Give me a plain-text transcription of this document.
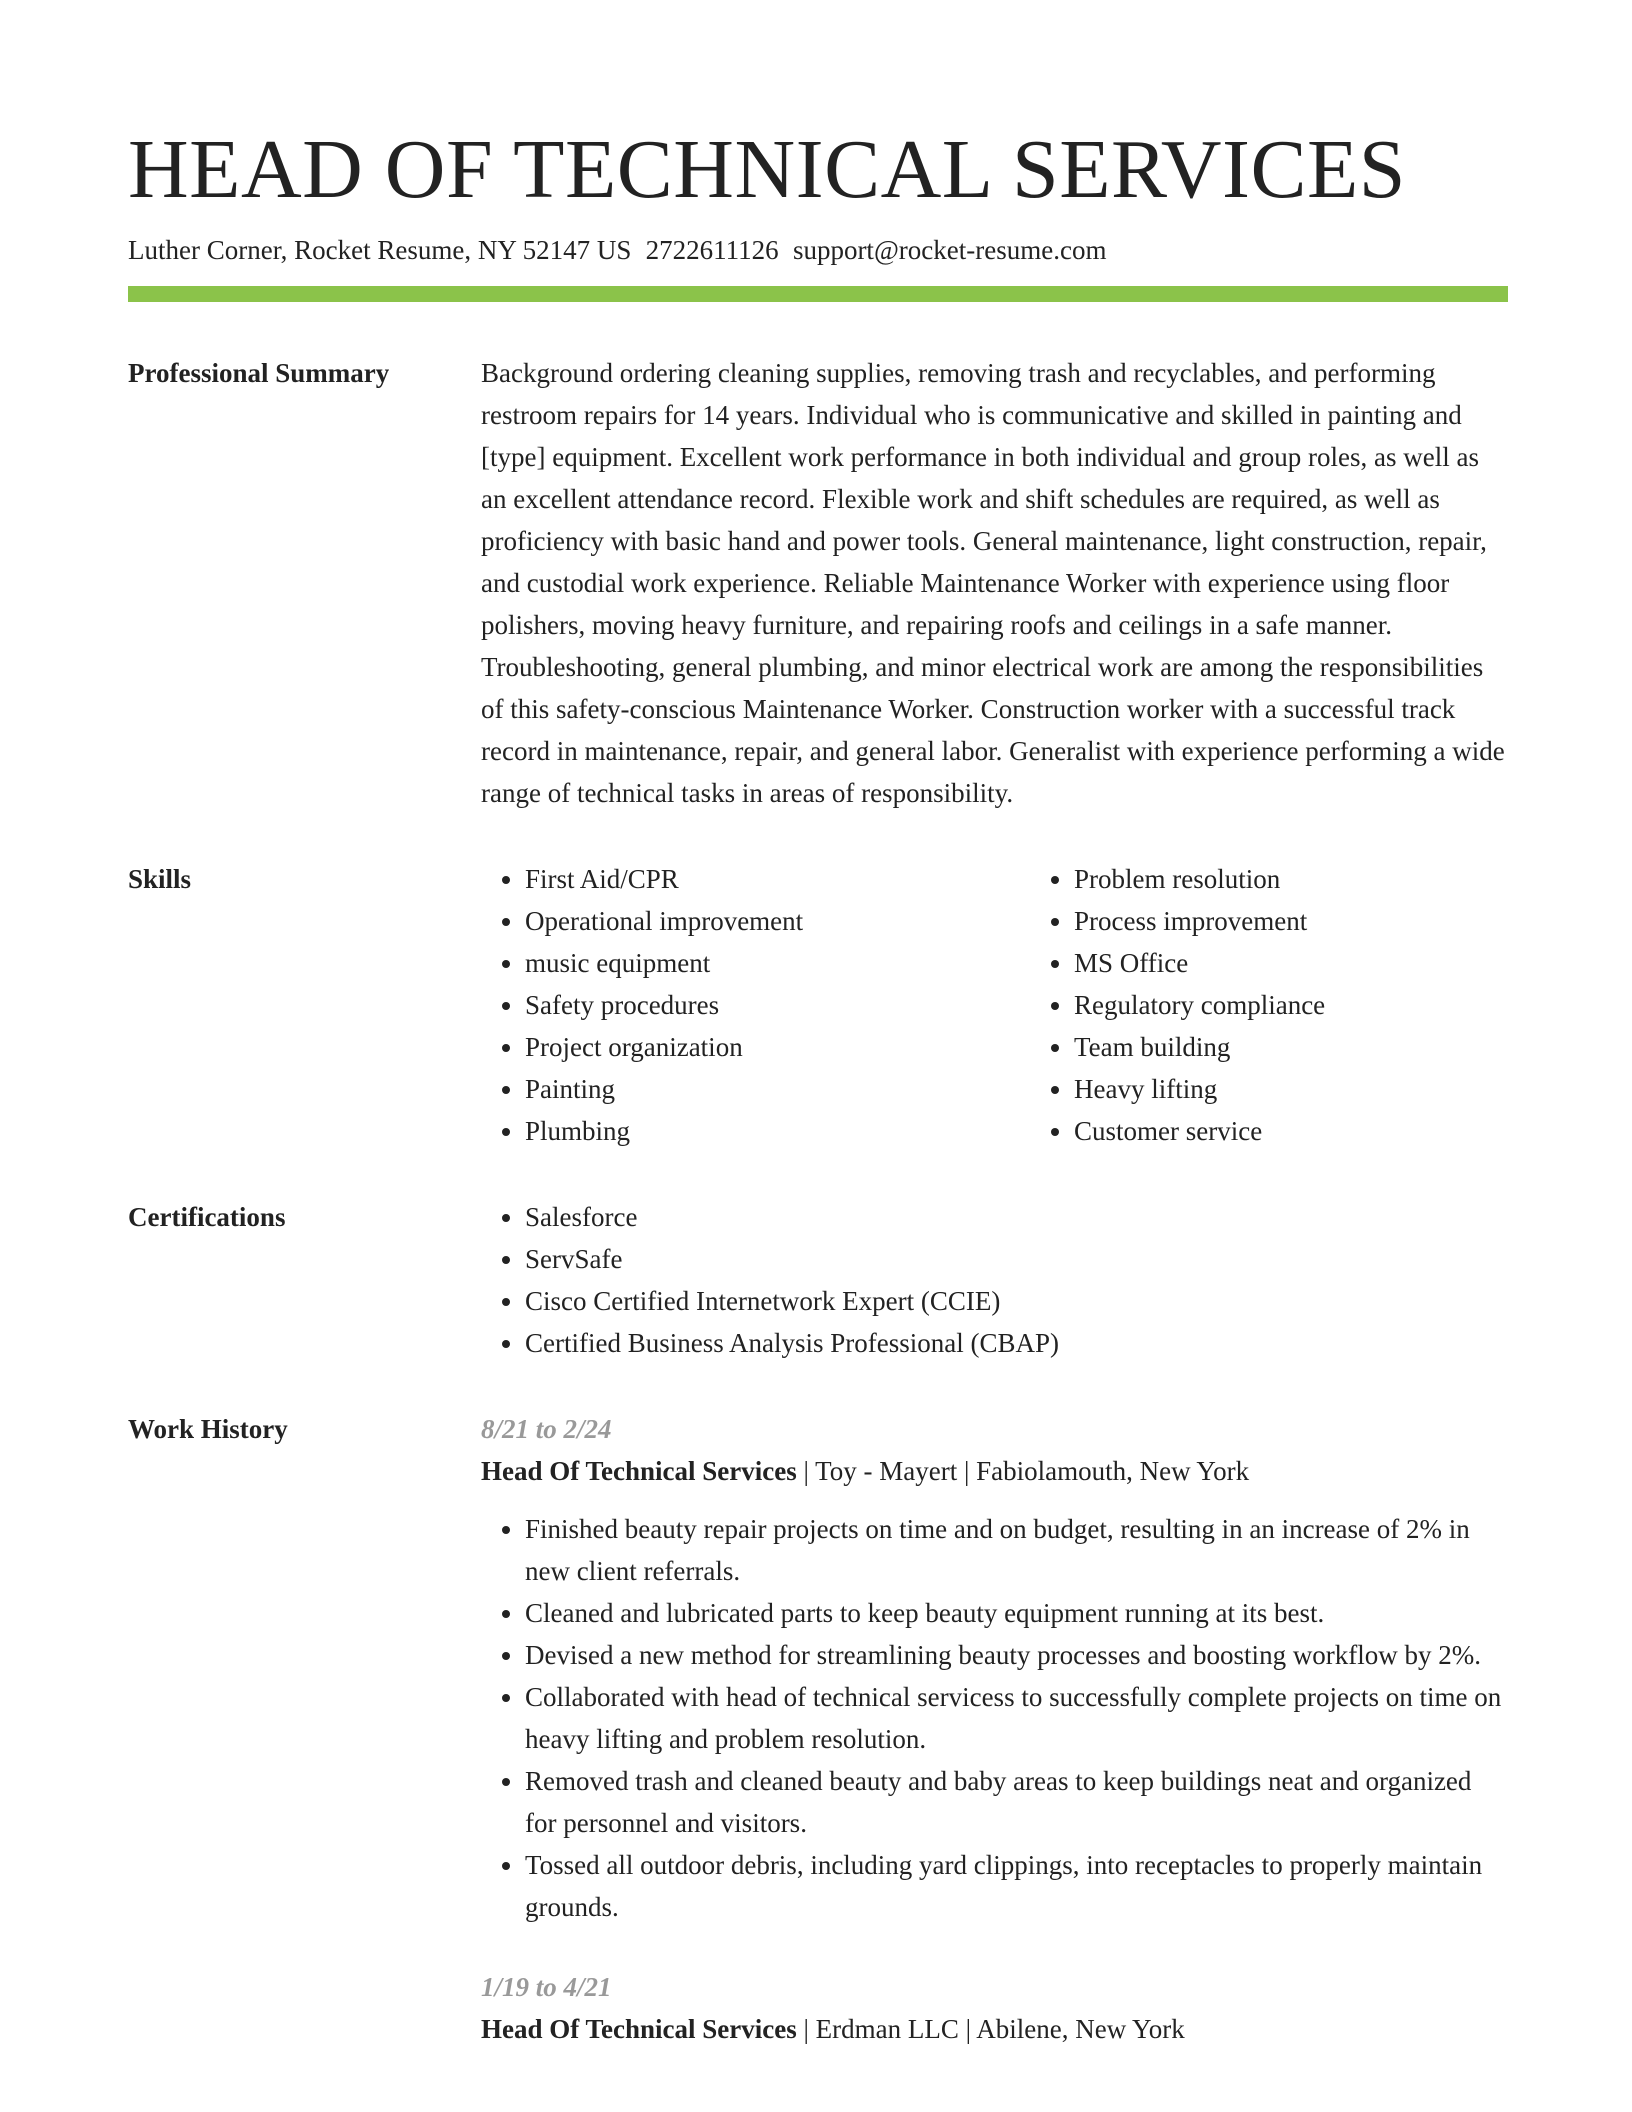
HEAD OF TECHNICAL SERVICES
Luther Corner, Rocket Resume, NY 52147 US 2722611126 support@rocket-resume.com
Professional Summary	Background ordering cleaning supplies, removing trash and recyclables, and performing restroom repairs for 14 years. Individual who is communicative and skilled in painting and [type] equipment. Excellent work performance in both individual and group roles, as well as an excellent attendance record. Flexible work and shift schedules are required, as well as proficiency with basic hand and power tools. General maintenance, light construction, repair, and custodial work experience. Reliable Maintenance Worker with experience using floor polishers, moving heavy furniture, and repairing roofs and ceilings in a safe manner. Troubleshooting, general plumbing, and minor electrical work are among the responsibilities of this safety-conscious Maintenance Worker. Construction worker with a successful track record in maintenance, repair, and general labor. Generalist with experience performing a wide range of technical tasks in areas of responsibility.

Skills	• First Aid/CPR
• Operational improvement
• music equipment
• Safety procedures
• Project organization
• Painting
• Plumbing
• Problem resolution
• Process improvement
• MS Office
• Regulatory compliance
• Team building
• Heavy lifting
• Customer service
Certifications	• Salesforce
• ServSafe
• Cisco Certified Internetwork Expert (CCIE)
• Certified Business Analysis Professional (CBAP)
Work History	8/21 to 2/24
Head Of Technical Services | Toy - Mayert | Fabiolamouth, New York
• Finished beauty repair projects on time and on budget, resulting in an increase of 2% in new client referrals.
• Cleaned and lubricated parts to keep beauty equipment running at its best.
• Devised a new method for streamlining beauty processes and boosting workflow by 2%.
• Collaborated with head of technical servicess to successfully complete projects on time on heavy lifting and problem resolution.
• Removed trash and cleaned beauty and baby areas to keep buildings neat and organized for personnel and visitors.
• Tossed all outdoor debris, including yard clippings, into receptacles to properly maintain grounds.
1/19 to 4/21
Head Of Technical Services | Erdman LLC | Abilene, New York
